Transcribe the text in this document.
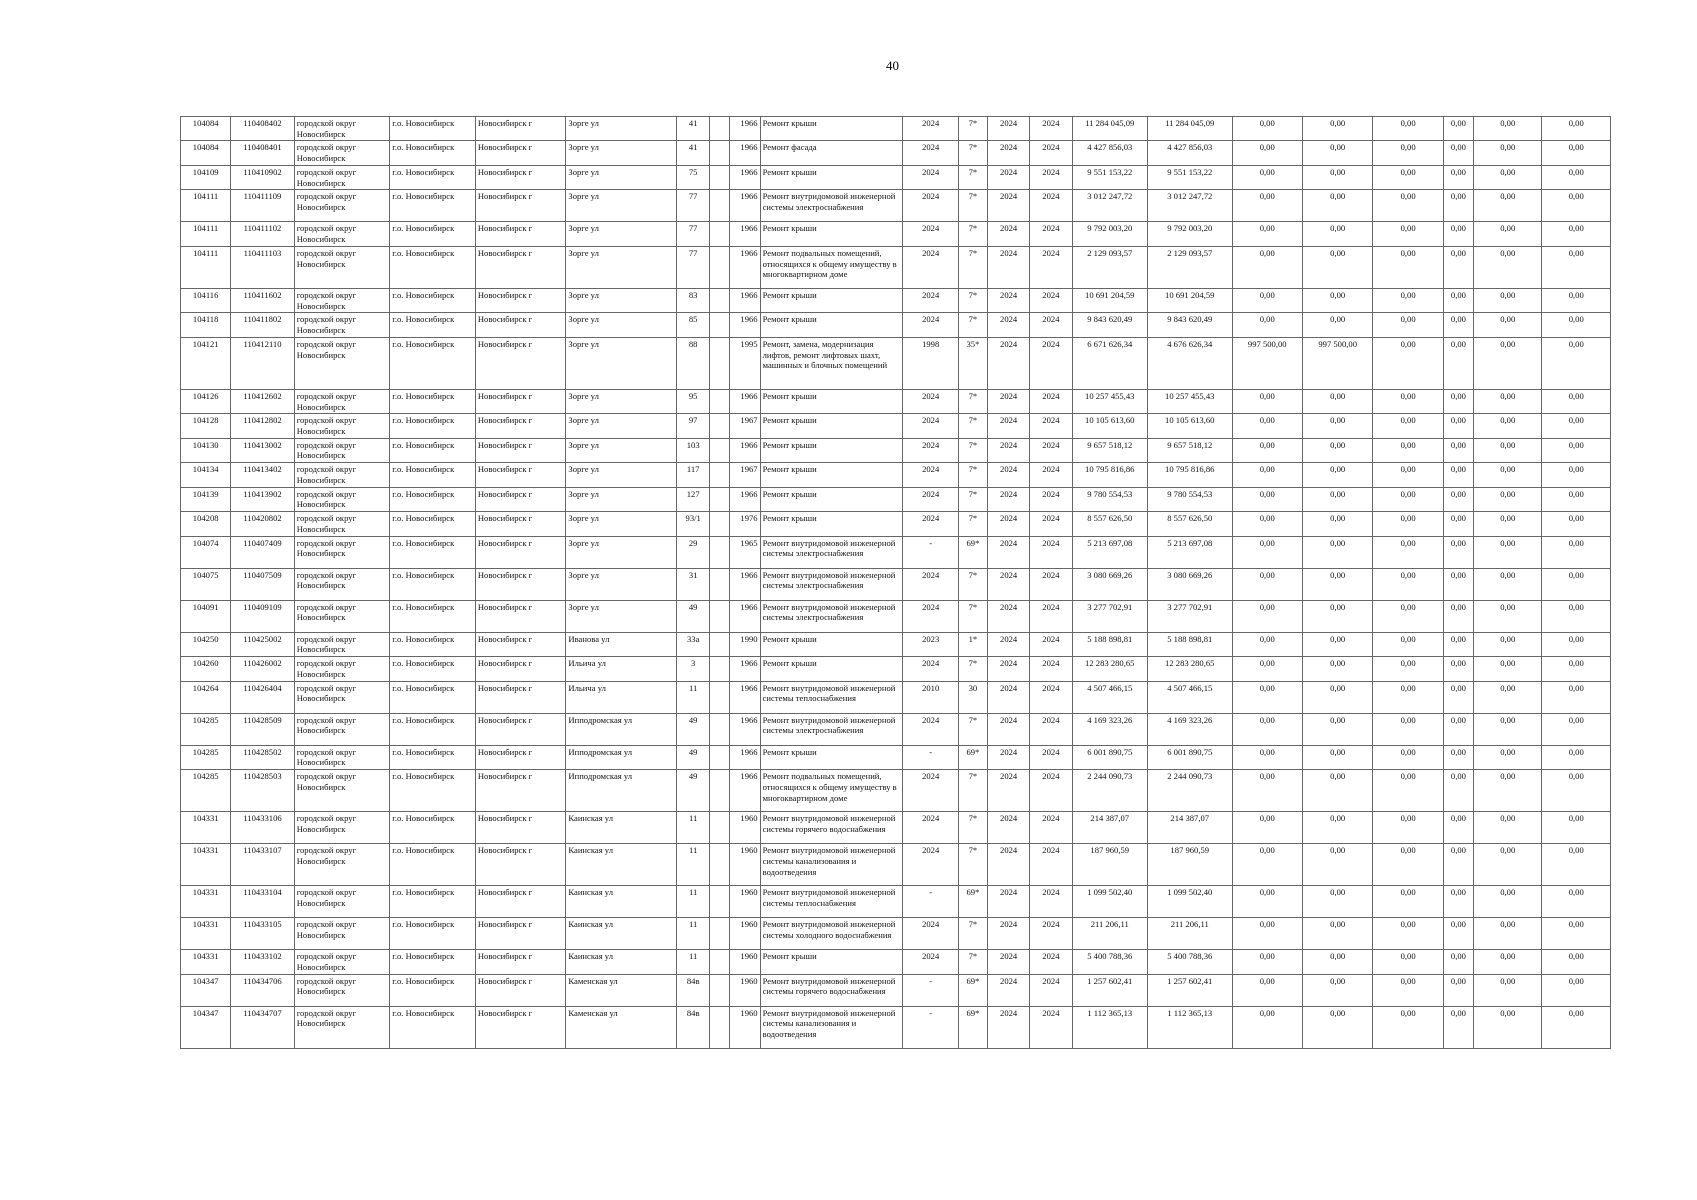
40
104084	110408402	городской округ Новосибирск	г.о. Новосибирск	Новосибирск г	Зорге ул	41		1966	Ремонт крыши	2024	7*	2024	2024	11 284 045,09	11 284 045,09	0,00	0,00	0,00	0,00	0,00	0,00
104084	110408401	городской округ Новосибирск	г.о. Новосибирск	Новосибирск г	Зорге ул	41		1966	Ремонт фасада	2024	7*	2024	2024	4 427 856,03	4 427 856,03	0,00	0,00	0,00	0,00	0,00	0,00
104109	110410902	городской округ Новосибирск	г.о. Новосибирск	Новосибирск г	Зорге ул	75		1966	Ремонт крыши	2024	7*	2024	2024	9 551 153,22	9 551 153,22	0,00	0,00	0,00	0,00	0,00	0,00
104111	110411109	городской округ Новосибирск	г.о. Новосибирск	Новосибирск г	Зорге ул	77		1966	Ремонт внутридомовой инженерной системы электроснабжения	2024	7*	2024	2024	3 012 247,72	3 012 247,72	0,00	0,00	0,00	0,00	0,00	0,00
104111	110411102	городской округ Новосибирск	г.о. Новосибирск	Новосибирск г	Зорге ул	77		1966	Ремонт крыши	2024	7*	2024	2024	9 792 003,20	9 792 003,20	0,00	0,00	0,00	0,00	0,00	0,00
104111	110411103	городской округ Новосибирск	г.о. Новосибирск	Новосибирск г	Зорге ул	77		1966	Ремонт подвальных помещений, относящихся к общему имуществу в многоквартирном доме	2024	7*	2024	2024	2 129 093,57	2 129 093,57	0,00	0,00	0,00	0,00	0,00	0,00
104116	110411602	городской округ Новосибирск	г.о. Новосибирск	Новосибирск г	Зорге ул	83		1966	Ремонт крыши	2024	7*	2024	2024	10 691 204,59	10 691 204,59	0,00	0,00	0,00	0,00	0,00	0,00
104118	110411802	городской округ Новосибирск	г.о. Новосибирск	Новосибирск г	Зорге ул	85		1966	Ремонт крыши	2024	7*	2024	2024	9 843 620,49	9 843 620,49	0,00	0,00	0,00	0,00	0,00	0,00
104121	110412110	городской округ Новосибирск	г.о. Новосибирск	Новосибирск г	Зорге ул	88		1995	Ремонт, замена, модернизация лифтов, ремонт лифтовых шахт, машинных и блочных помещений	1998	35*	2024	2024	6 671 626,34	4 676 626,34	997 500,00	997 500,00	0,00	0,00	0,00	0,00
104126	110412602	городской округ Новосибирск	г.о. Новосибирск	Новосибирск г	Зорге ул	95		1966	Ремонт крыши	2024	7*	2024	2024	10 257 455,43	10 257 455,43	0,00	0,00	0,00	0,00	0,00	0,00
104128	110412802	городской округ Новосибирск	г.о. Новосибирск	Новосибирск г	Зорге ул	97		1967	Ремонт крыши	2024	7*	2024	2024	10 105 613,60	10 105 613,60	0,00	0,00	0,00	0,00	0,00	0,00
104130	110413002	городской округ Новосибирск	г.о. Новосибирск	Новосибирск г	Зорге ул	103		1966	Ремонт крыши	2024	7*	2024	2024	9 657 518,12	9 657 518,12	0,00	0,00	0,00	0,00	0,00	0,00
104134	110413402	городской округ Новосибирск	г.о. Новосибирск	Новосибирск г	Зорге ул	117		1967	Ремонт крыши	2024	7*	2024	2024	10 795 816,86	10 795 816,86	0,00	0,00	0,00	0,00	0,00	0,00
104139	110413902	городской округ Новосибирск	г.о. Новосибирск	Новосибирск г	Зорге ул	127		1966	Ремонт крыши	2024	7*	2024	2024	9 780 554,53	9 780 554,53	0,00	0,00	0,00	0,00	0,00	0,00
104208	110420802	городской округ Новосибирск	г.о. Новосибирск	Новосибирск г	Зорге ул	93/1		1976	Ремонт крыши	2024	7*	2024	2024	8 557 626,50	8 557 626,50	0,00	0,00	0,00	0,00	0,00	0,00
104074	110407409	городской округ Новосибирск	г.о. Новосибирск	Новосибирск г	Зорге ул	29		1965	Ремонт внутридомовой инженерной системы электроснабжения	-	69*	2024	2024	5 213 697,08	5 213 697,08	0,00	0,00	0,00	0,00	0,00	0,00
104075	110407509	городской округ Новосибирск	г.о. Новосибирск	Новосибирск г	Зорге ул	31		1966	Ремонт внутридомовой инженерной системы электроснабжения	2024	7*	2024	2024	3 080 669,26	3 080 669,26	0,00	0,00	0,00	0,00	0,00	0,00
104091	110409109	городской округ Новосибирск	г.о. Новосибирск	Новосибирск г	Зорге ул	49		1966	Ремонт внутридомовой инженерной системы электроснабжения	2024	7*	2024	2024	3 277 702,91	3 277 702,91	0,00	0,00	0,00	0,00	0,00	0,00
104250	110425002	городской округ Новосибирск	г.о. Новосибирск	Новосибирск г	Иванова ул	33а		1990	Ремонт крыши	2023	1*	2024	2024	5 188 898,81	5 188 898,81	0,00	0,00	0,00	0,00	0,00	0,00
104260	110426002	городской округ Новосибирск	г.о. Новосибирск	Новосибирск г	Ильича ул	3		1966	Ремонт крыши	2024	7*	2024	2024	12 283 280,65	12 283 280,65	0,00	0,00	0,00	0,00	0,00	0,00
104264	110426404	городской округ Новосибирск	г.о. Новосибирск	Новосибирск г	Ильича ул	11		1966	Ремонт внутридомовой инженерной системы теплоснабжения	2010	30	2024	2024	4 507 466,15	4 507 466,15	0,00	0,00	0,00	0,00	0,00	0,00
104285	110428509	городской округ Новосибирск	г.о. Новосибирск	Новосибирск г	Ипподромская ул	49		1966	Ремонт внутридомовой инженерной системы электроснабжения	2024	7*	2024	2024	4 169 323,26	4 169 323,26	0,00	0,00	0,00	0,00	0,00	0,00
104285	110428502	городской округ Новосибирск	г.о. Новосибирск	Новосибирск г	Ипподромская ул	49		1966	Ремонт крыши	-	69*	2024	2024	6 001 890,75	6 001 890,75	0,00	0,00	0,00	0,00	0,00	0,00
104285	110428503	городской округ Новосибирск	г.о. Новосибирск	Новосибирск г	Ипподромская ул	49		1966	Ремонт подвальных помещений, относящихся к общему имуществу в многоквартирном доме	2024	7*	2024	2024	2 244 090,73	2 244 090,73	0,00	0,00	0,00	0,00	0,00	0,00
104331	110433106	городской округ Новосибирск	г.о. Новосибирск	Новосибирск г	Каинская ул	11		1960	Ремонт внутридомовой инженерной системы горячего водоснабжения	2024	7*	2024	2024	214 387,07	214 387,07	0,00	0,00	0,00	0,00	0,00	0,00
104331	110433107	городской округ Новосибирск	г.о. Новосибирск	Новосибирск г	Каинская ул	11		1960	Ремонт внутридомовой инженерной системы канализования и водоотведения	2024	7*	2024	2024	187 960,59	187 960,59	0,00	0,00	0,00	0,00	0,00	0,00
104331	110433104	городской округ Новосибирск	г.о. Новосибирск	Новосибирск г	Каинская ул	11		1960	Ремонт внутридомовой инженерной системы теплоснабжения	-	69*	2024	2024	1 099 502,40	1 099 502,40	0,00	0,00	0,00	0,00	0,00	0,00
104331	110433105	городской округ Новосибирск	г.о. Новосибирск	Новосибирск г	Каинская ул	11		1960	Ремонт внутридомовой инженерной системы холодного водоснабжения	2024	7*	2024	2024	211 206,11	211 206,11	0,00	0,00	0,00	0,00	0,00	0,00
104331	110433102	городской округ Новосибирск	г.о. Новосибирск	Новосибирск г	Каинская ул	11		1960	Ремонт крыши	2024	7*	2024	2024	5 400 788,36	5 400 788,36	0,00	0,00	0,00	0,00	0,00	0,00
104347	110434706	городской округ Новосибирск	г.о. Новосибирск	Новосибирск г	Каменская ул	84в		1960	Ремонт внутридомовой инженерной системы горячего водоснабжения	-	69*	2024	2024	1 257 602,41	1 257 602,41	0,00	0,00	0,00	0,00	0,00	0,00
104347	110434707	городской округ Новосибирск	г.о. Новосибирск	Новосибирск г	Каменская ул	84в		1960	Ремонт внутридомовой инженерной системы канализования и водоотведения	-	69*	2024	2024	1 112 365,13	1 112 365,13	0,00	0,00	0,00	0,00	0,00	0,00
